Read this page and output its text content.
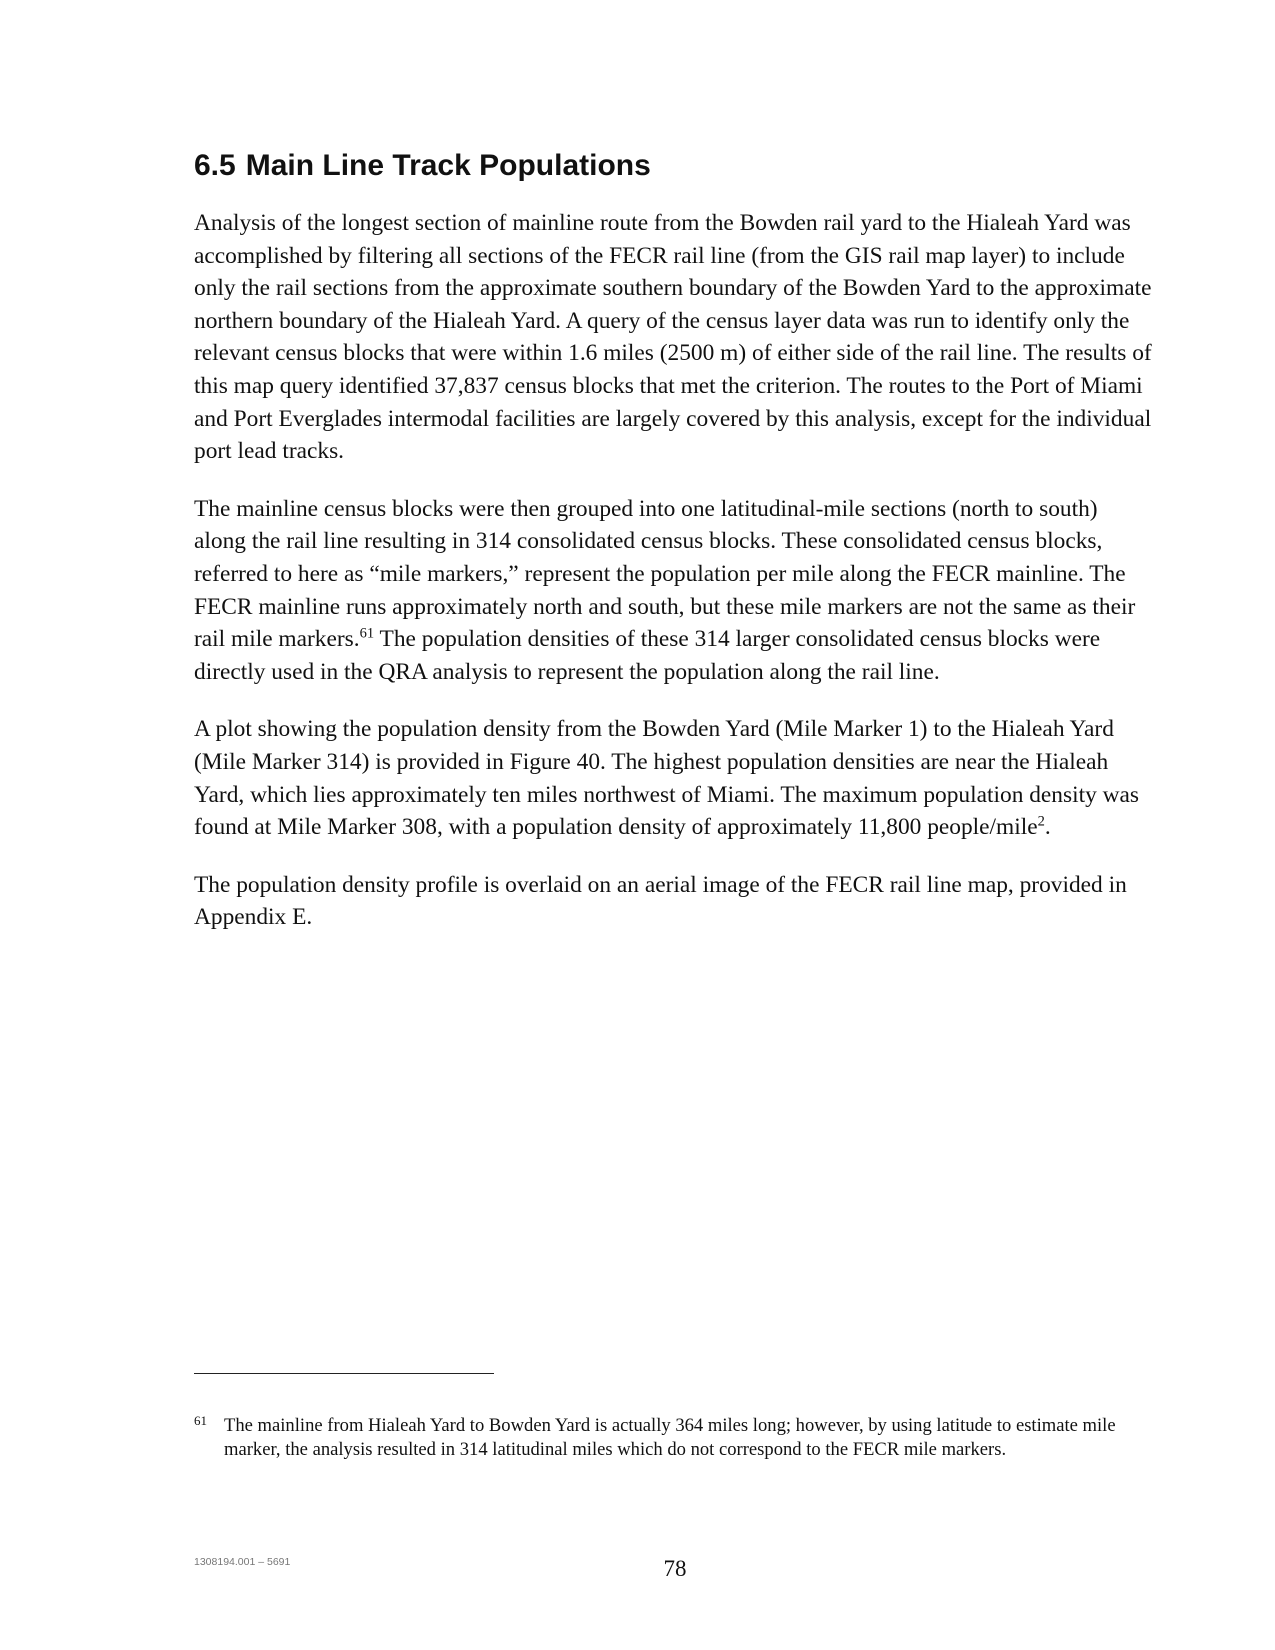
6.5 Main Line Track Populations

Analysis of the longest section of mainline route from the Bowden rail yard to the Hialeah Yard was accomplished by filtering all sections of the FECR rail line (from the GIS rail map layer) to include only the rail sections from the approximate southern boundary of the Bowden Yard to the approximate northern boundary of the Hialeah Yard. A query of the census layer data was run to identify only the relevant census blocks that were within 1.6 miles (2500 m) of either side of the rail line. The results of this map query identified 37,837 census blocks that met the criterion. The routes to the Port of Miami and Port Everglades intermodal facilities are largely covered by this analysis, except for the individual port lead tracks.

The mainline census blocks were then grouped into one latitudinal-mile sections (north to south) along the rail line resulting in 314 consolidated census blocks. These consolidated census blocks, referred to here as “mile markers,” represent the population per mile along the FECR mainline. The FECR mainline runs approximately north and south, but these mile markers are not the same as their rail mile markers.$^{61}$ The population densities of these 314 larger consolidated census blocks were directly used in the QRA analysis to represent the population along the rail line.

A plot showing the population density from the Bowden Yard (Mile Marker 1) to the Hialeah Yard (Mile Marker 314) is provided in Figure 40. The highest population densities are near the Hialeah Yard, which lies approximately ten miles northwest of Miami. The maximum population density was found at Mile Marker 308, with a population density of approximately 11,800 people/mile$^2$.

The population density profile is overlaid on an aerial image of the FECR rail line map, provided in Appendix E.

61 The mainline from Hialeah Yard to Bowden Yard is actually 364 miles long; however, by using latitude to estimate mile marker, the analysis resulted in 314 latitudinal miles which do not correspond to the FECR mile markers.
1308194.001 – 5691	78
